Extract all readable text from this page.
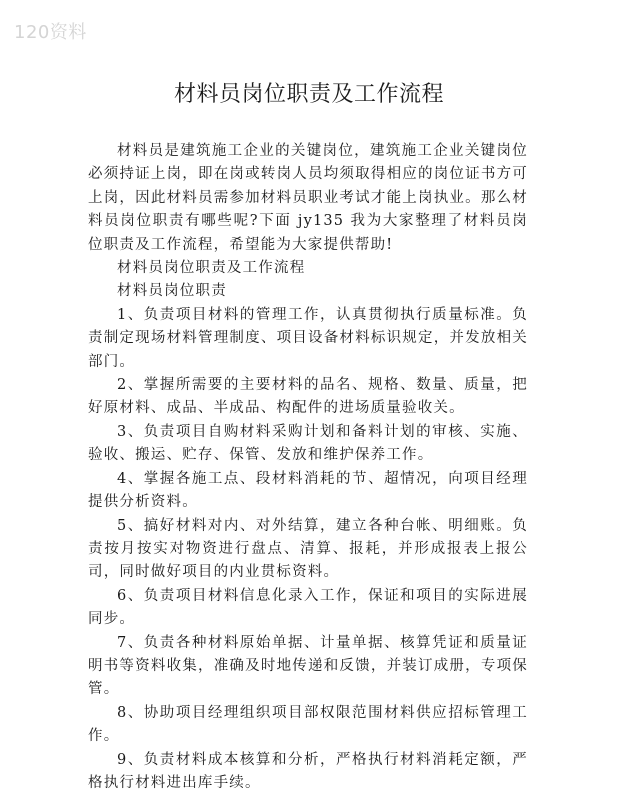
120资料
材料员岗位职责及工作流程

材料员是建筑施工企业的关键岗位，建筑施工企业关键岗位必须持证上岗，即在岗或转岗人员均须取得相应的岗位证书方可上岗，因此材料员需参加材料员职业考试才能上岗执业。那么材料员岗位职责有哪些呢?下面 jy135 我为大家整理了材料员岗位职责及工作流程，希望能为大家提供帮助!

材料员岗位职责及工作流程

材料员岗位职责

1、负责项目材料的管理工作，认真贯彻执行质量标准。负责制定现场材料管理制度、项目设备材料标识规定，并发放相关部门。

2、掌握所需要的主要材料的品名、规格、数量、质量，把好原材料、成品、半成品、构配件的进场质量验收关。

3、负责项目自购材料采购计划和备料计划的审核、实施、验收、搬运、贮存、保管、发放和维护保养工作。

4、掌握各施工点、段材料消耗的节、超情况，向项目经理提供分析资料。

5、搞好材料对内、对外结算，建立各种台帐、明细账。负责按月按实对物资进行盘点、清算、报耗，并形成报表上报公司，同时做好项目的内业贯标资料。

6、负责项目材料信息化录入工作，保证和项目的实际进展同步。

7、负责各种材料原始单据、计量单据、核算凭证和质量证明书等资料收集，准确及时地传递和反馈，并装订成册，专项保管。

8、协助项目经理组织项目部权限范围材料供应招标管理工作。

9、负责材料成本核算和分析，严格执行材料消耗定额，严格执行材料进出库手续。
